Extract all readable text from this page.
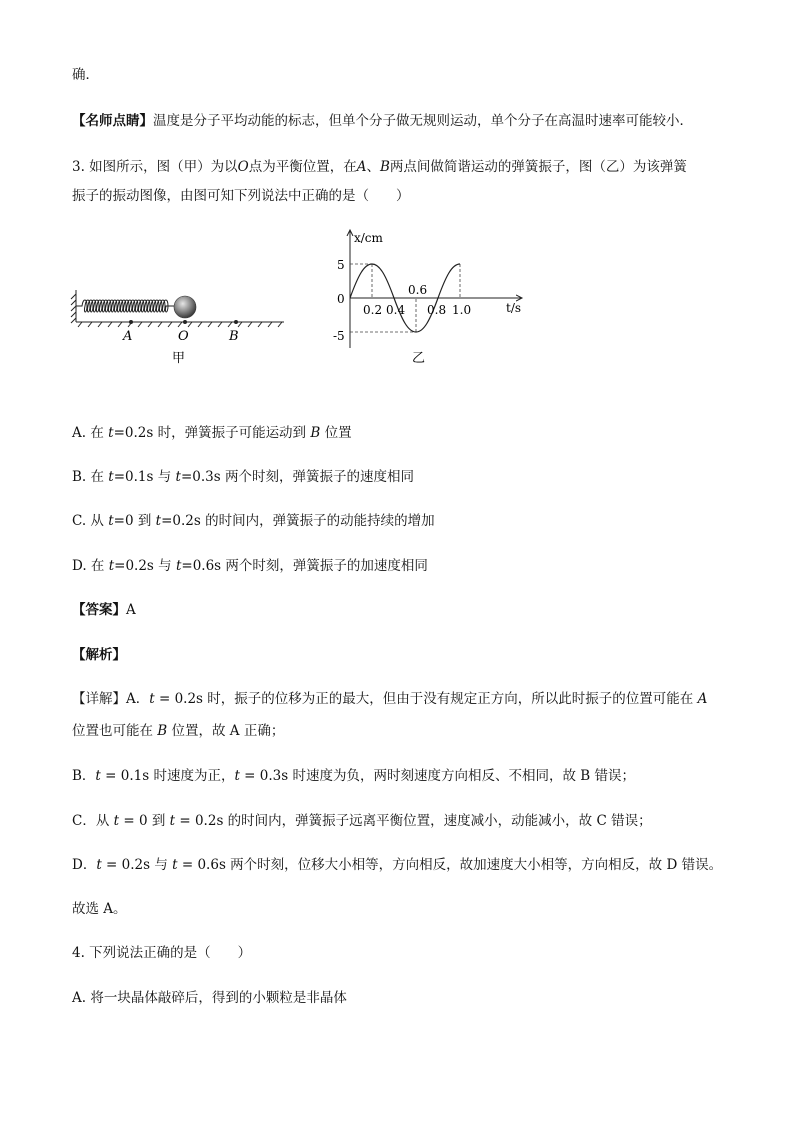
确．
【名师点睛】温度是分子平均动能的标志，但单个分子做无规则运动，单个分子在高温时速率可能较小．
3. 如图所示，图（甲）为以O点为平衡位置，在A、B两点间做简谐运动的弹簧振子，图（乙）为该弹簧
振子的振动图像，由图可知下列说法中正确的是（　　）
A	O	B
甲
x/cm
t/s
0
5
-5
0.2 0.4
0.6
0.8 1.0
乙
A. 在 t=0.2s 时，弹簧振子可能运动到 B 位置
B. 在 t=0.1s 与 t=0.3s 两个时刻，弹簧振子的速度相同
C. 从 t=0 到 t=0.2s 的时间内，弹簧振子的动能持续的增加
D. 在 t=0.2s 与 t=0.6s 两个时刻，弹簧振子的加速度相同
【答案】A
【解析】
【详解】A．t = 0.2s 时，振子的位移为正的最大，但由于没有规定正方向，所以此时振子的位置可能在 A
位置也可能在 B 位置，故 A 正确；
B．t = 0.1s 时速度为正，t = 0.3s 时速度为负，两时刻速度方向相反、不相同，故 B 错误；
C．从 t = 0 到 t = 0.2s 的时间内，弹簧振子远离平衡位置，速度减小，动能减小，故 C 错误；
D．t = 0.2s 与 t = 0.6s 两个时刻，位移大小相等，方向相反，故加速度大小相等，方向相反，故 D 错误。
故选 A。
4. 下列说法正确的是（　　）
A. 将一块晶体敲碎后，得到的小颗粒是非晶体
